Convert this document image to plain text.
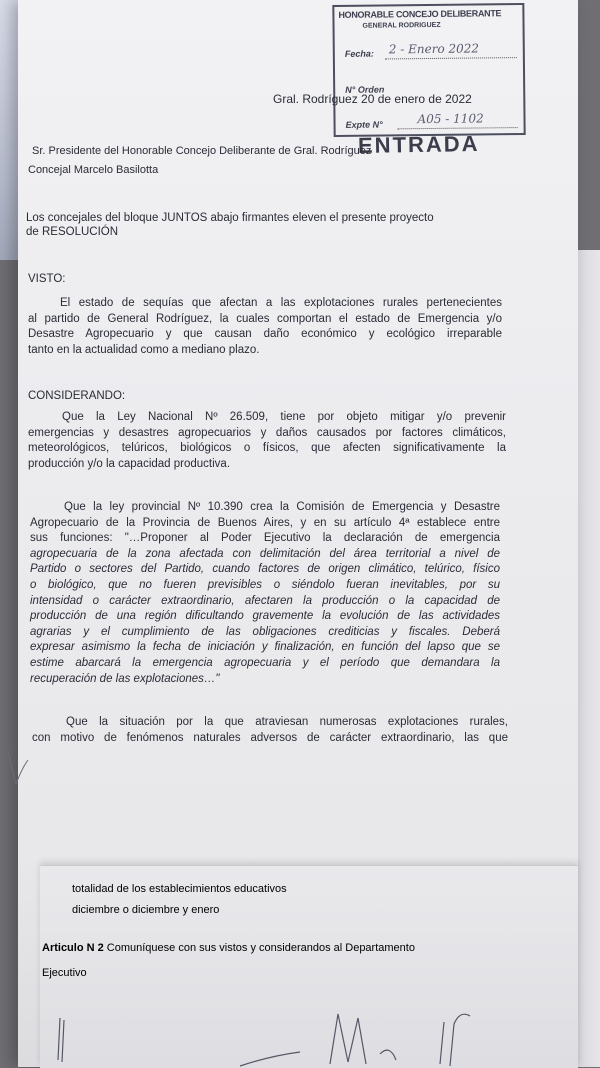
HONORABLE CONCEJO DELIBERANTE
GENERAL RODRIGUEZ
Fecha: 2 - Enero 2022
N° Orden
Expte N°	A05 - 1102
ENTRADA
Gral. Rodríguez 20 de enero de 2022
Sr. Presidente del Honorable Concejo Deliberante de Gral. Rodríguez
Concejal Marcelo Basilotta
Los concejales del bloque JUNTOS abajo firmantes eleven el presente proyecto
de RESOLUCIÓN
VISTO:
El estado de sequías que afectan a las explotaciones rurales pertenecientes
al partido de General Rodríguez, la cuales comportan el estado de Emergencia y/o
Desastre Agropecuario y que causan daño económico y ecológico irreparable
tanto en la actualidad como a mediano plazo.
CONSIDERANDO:
Que la Ley Nacional Nº 26.509, tiene por objeto mitigar y/o prevenir
emergencias y desastres agropecuarios y daños causados por factores climáticos,
meteorológicos, telúricos, biológicos o físicos, que afecten significativamente la
producción y/o la capacidad productiva.
Que la ley provincial Nº 10.390 crea la Comisión de Emergencia y Desastre
Agropecuario de la Provincia de Buenos Aires, y en su artículo 4ª establece entre
sus funciones: "…Proponer al Poder Ejecutivo la declaración de emergencia
agropecuaria de la zona afectada con delimitación del área territorial a nivel de
Partido o sectores del Partido, cuando factores de origen climático, telúrico, físico
o biológico, que no fueren previsibles o siéndolo fueran inevitables, por su
intensidad o carácter extraordinario, afectaren la producción o la capacidad de
producción de una región dificultando gravemente la evolución de las actividades
agrarias y el cumplimiento de las obligaciones crediticias y fiscales. Deberá
expresar asimismo la fecha de iniciación y finalización, en función del lapso que se
estime abarcará la emergencia agropecuaria y el período que demandara la
recuperación de las explotaciones…"
Que la situación por la que atraviesan numerosas explotaciones rurales,
con motivo de fenómenos naturales adversos de carácter extraordinario, las que
totalidad de los establecimientos educativos
diciembre o diciembre y enero
Articulo N 2 Comuníquese con sus vistos y considerandos al Departamento
Ejecutivo
